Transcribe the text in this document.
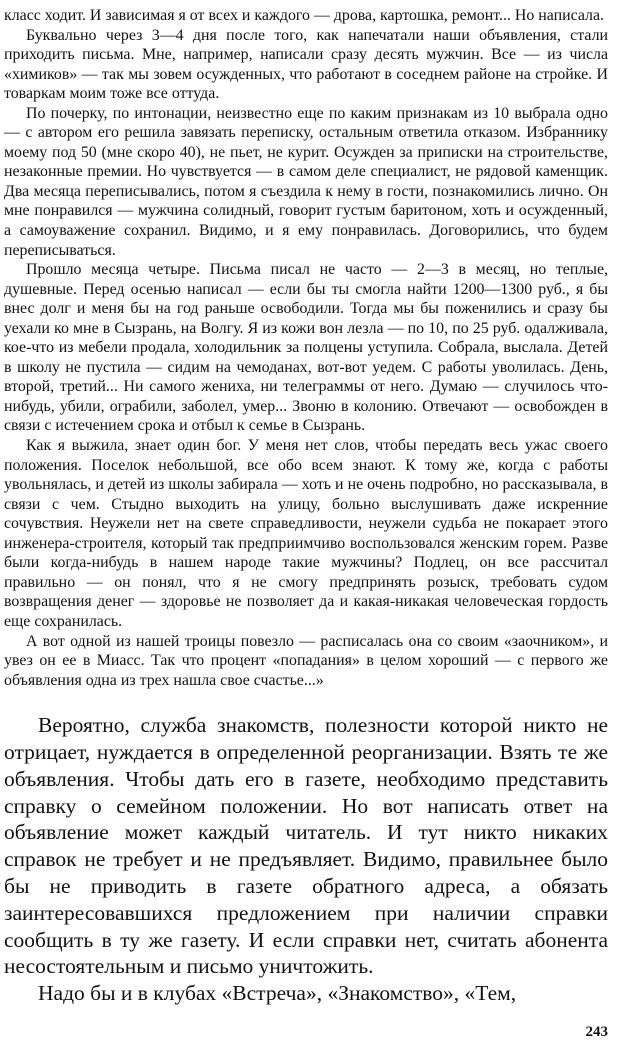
класс ходит. И зависимая я от всех и каждого — дрова, картошка, ремонт... Но написала.

Буквально через 3—4 дня после того, как напечатали наши объявления, стали приходить письма. Мне, например, написали сразу десять мужчин. Все — из числа «химиков» — так мы зовем осужденных, что работают в соседнем районе на стройке. И товаркам моим тоже все оттуда.

По почерку, по интонации, неизвестно еще по каким признакам из 10 выбрала одно — с автором его решила завязать переписку, остальным ответила отказом. Избраннику моему под 50 (мне скоро 40), не пьет, не курит. Осужден за приписки на строительстве, незаконные премии. Но чувствуется — в самом деле специалист, не рядовой каменщик. Два месяца переписывались, потом я съездила к нему в гости, познакомились лично. Он мне понравился — мужчина солидный, говорит густым баритоном, хоть и осужденный, а самоуважение сохранил. Видимо, и я ему понравилась. Договорились, что будем переписываться.

Прошло месяца четыре. Письма писал не часто — 2—3 в месяц, но теплые, душевные. Перед осенью написал — если бы ты смогла найти 1200—1300 руб., я бы внес долг и меня бы на год раньше освободили. Тогда мы бы поженились и сразу бы уехали ко мне в Сызрань, на Волгу. Я из кожи вон лезла — по 10, по 25 руб. одалживала, кое-что из мебели продала, холодильник за полцены уступила. Собрала, выслала. Детей в школу не пустила — сидим на чемоданах, вот-вот уедем. С работы уволилась. День, второй, третий... Ни самого жениха, ни телеграммы от него. Думаю — случилось что-нибудь, убили, ограбили, заболел, умер... Звоню в колонию. Отвечают — освобожден в связи с истечением срока и отбыл к семье в Сызрань.

Как я выжила, знает один бог. У меня нет слов, чтобы передать весь ужас своего положения. Поселок небольшой, все обо всем знают. К тому же, когда с работы увольнялась, и детей из школы забирала — хоть и не очень подробно, но рассказывала, в связи с чем. Стыдно выходить на улицу, больно выслушивать даже искренние сочувствия. Неужели нет на свете справедливости, неужели судьба не покарает этого инженера-строителя, который так предприимчиво воспользовался женским горем. Разве были когда-нибудь в нашем народе такие мужчины? Подлец, он все рассчитал правильно — он понял, что я не смогу предпринять розыск, требовать судом возвращения денег — здоровье не позволяет да и какая-никакая человеческая гордость еще сохранилась.

А вот одной из нашей троицы повезло — расписалась она со своим «заочником», и увез он ее в Миасс. Так что процент «попадания» в целом хороший — с первого же объявления одна из трех нашла свое счастье...»

Вероятно, служба знакомств, полезности которой никто не отрицает, нуждается в определенной реорганизации. Взять те же объявления. Чтобы дать его в газете, необходимо представить справку о семейном положении. Но вот написать ответ на объявление может каждый читатель. И тут никто никаких справок не требует и не предъявляет. Видимо, правильнее было бы не приводить в газете обратного адреса, а обязать заинтересовавшихся предложением при наличии справки сообщить в ту же газету. И если справки нет, считать абонента несостоятельным и письмо уничтожить.

Надо бы и в клубах «Встреча», «Знакомство», «Тем,

243
